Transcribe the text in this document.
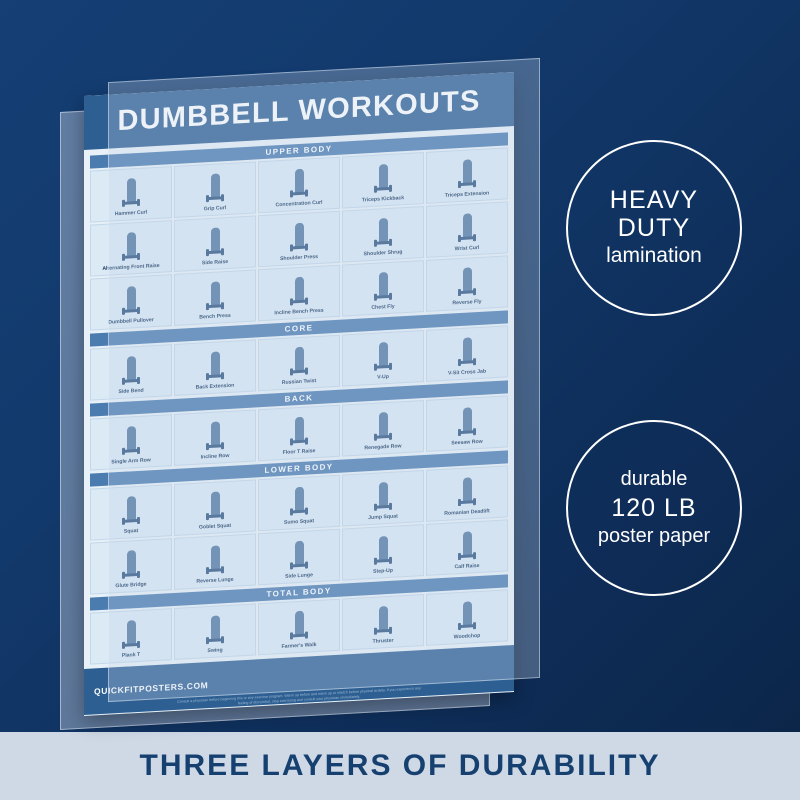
DUMBBELL WORKOUTS
UPPER BODY
Hammer Curl
Grip Curl
Concentration Curl
Triceps Kickback
Triceps Extension
Alternating Front Raise
Side Raise
Shoulder Press
Shoulder Shrug
Wrist Curl
Dumbbell Pullover
Bench Press
Incline Bench Press
Chest Fly
Reverse Fly
CORE
Side Bend
Back Extension
Russian Twist
V-Up
V-Sit Cross Jab
BACK
Single Arm Row
Incline Row
Floor T Raise
Renegade Row
Seesaw Row
LOWER BODY
Squat
Goblet Squat
Sumo Squat
Jump Squat
Romanian Deadlift
Glute Bridge
Reverse Lunge
Side Lunge
Step-Up
Calf Raise
TOTAL BODY
Plank T
Swing
Farmer's Walk
Thruster
Woodchop
QUICKFITPOSTERS.COM
Consult a physician before beginning this or any exercise program. Warm up before and warm up or stretch before physical activity. If you experience any feeling of discomfort, stop exercising and consult your physician immediately.
HEAVY
DUTY
lamination
durable
120 LB
poster paper
THREE LAYERS OF DURABILITY
